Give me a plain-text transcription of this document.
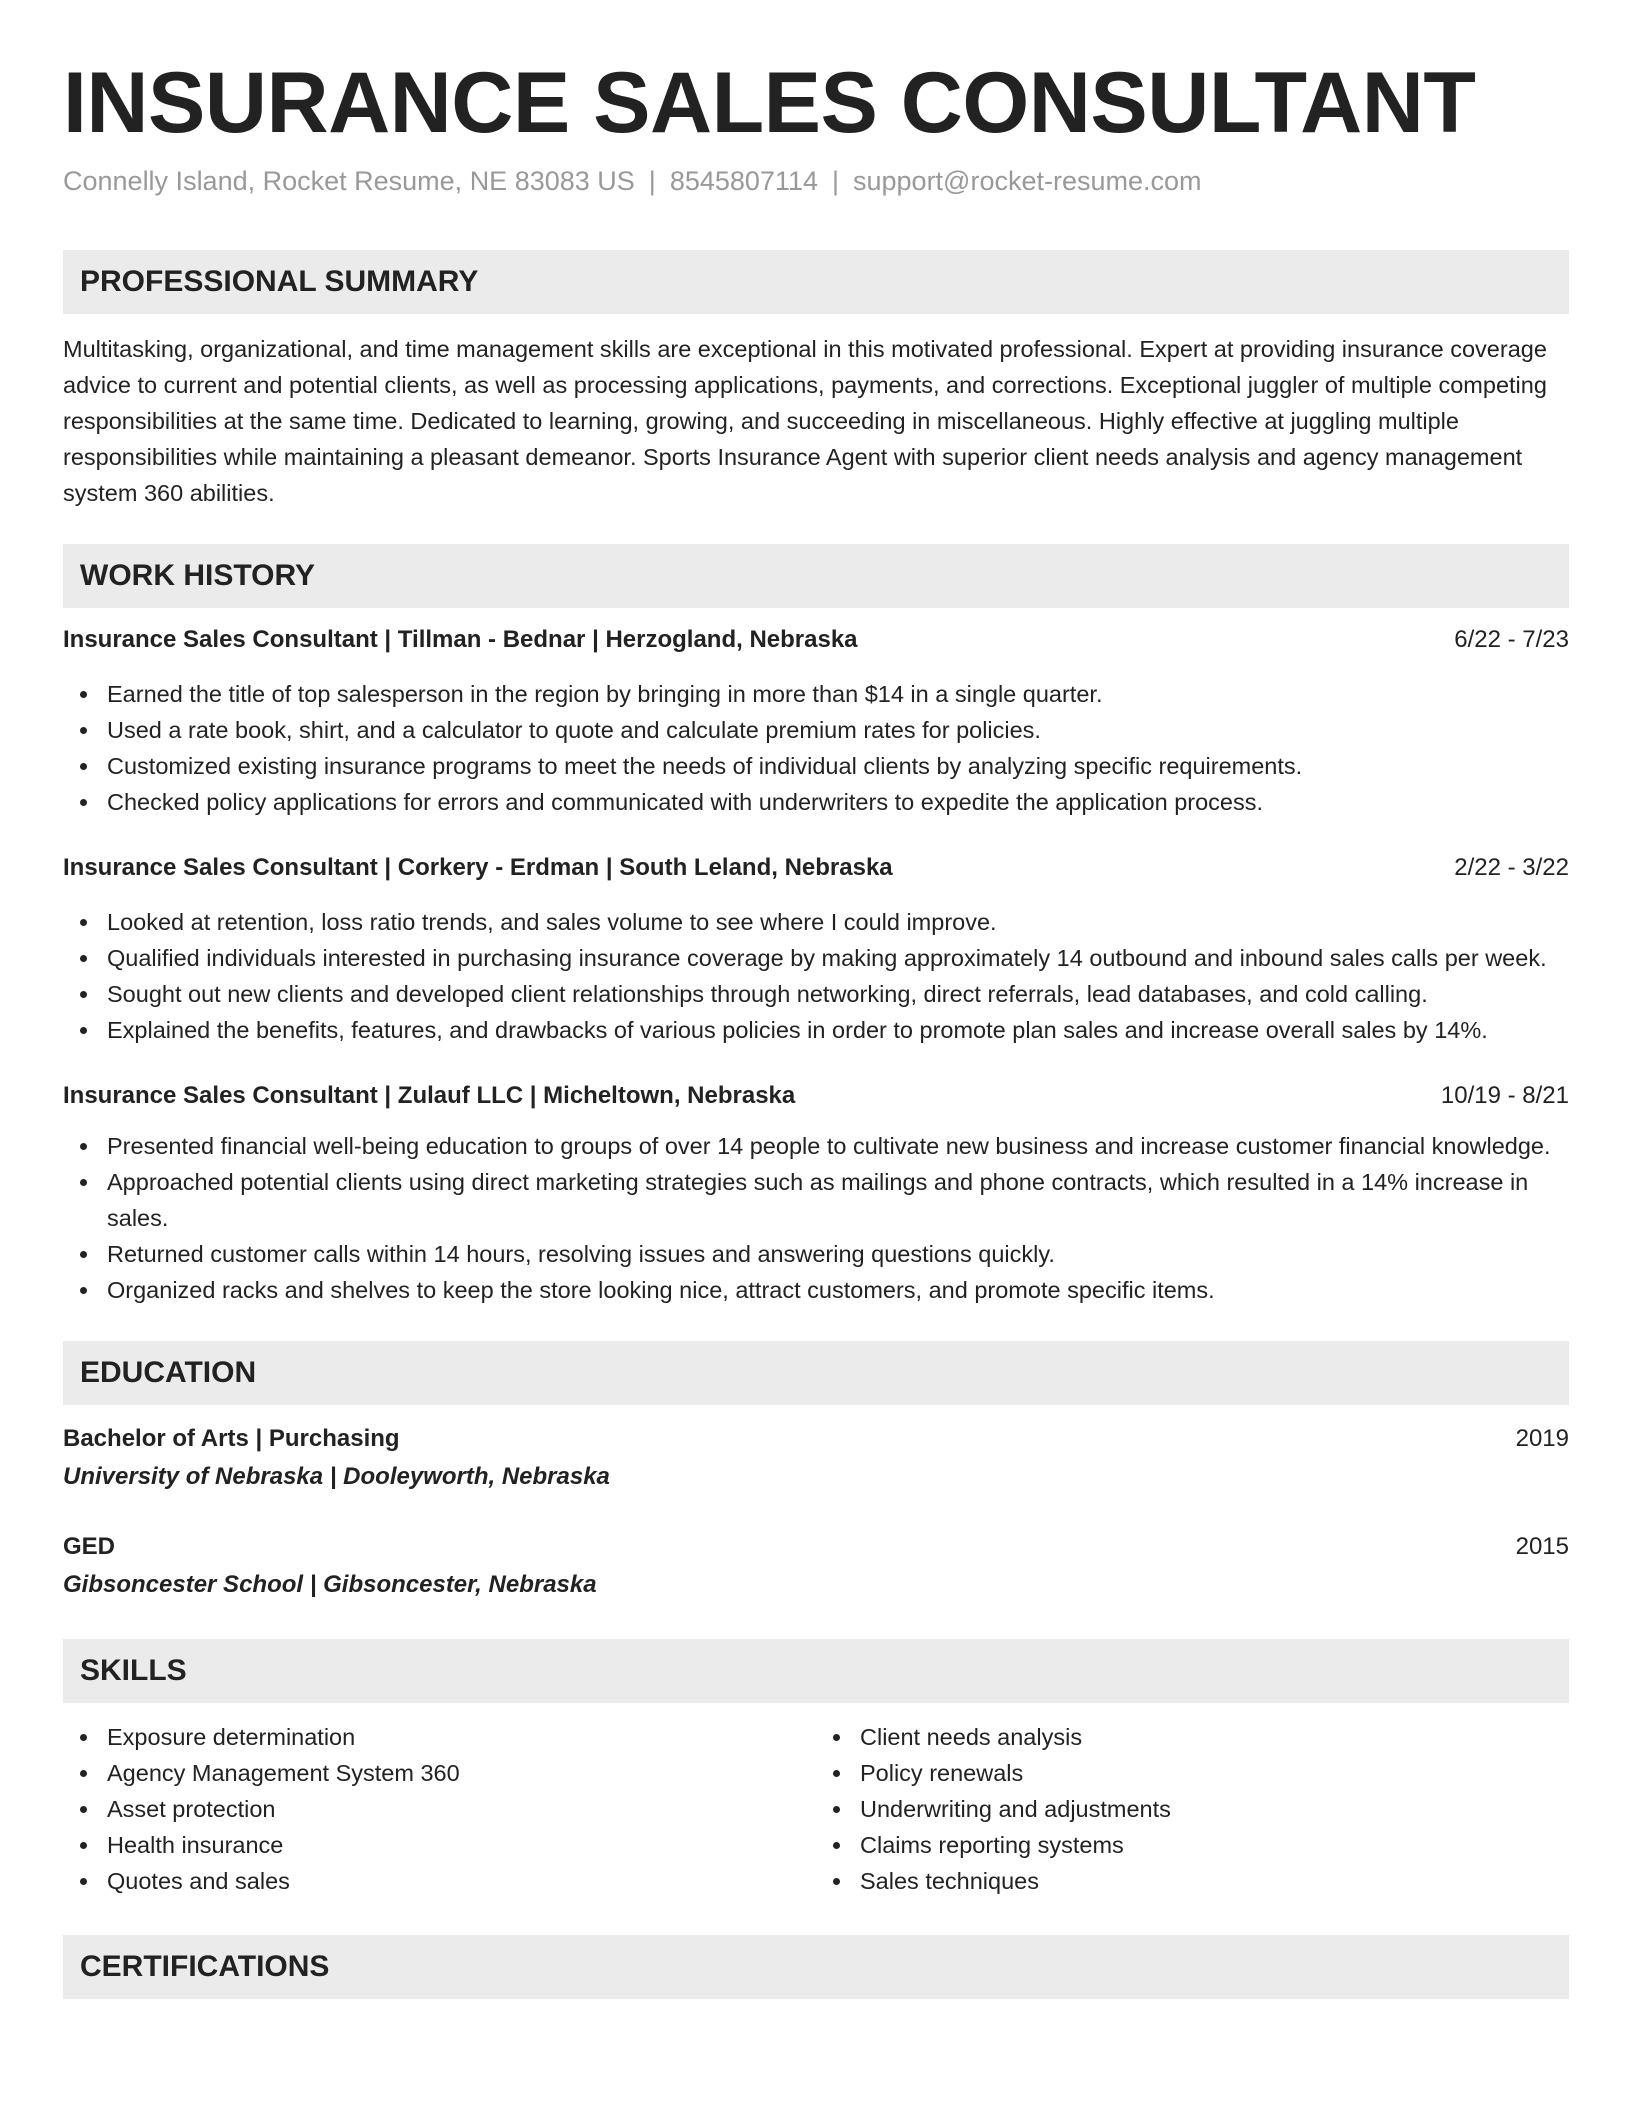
INSURANCE SALES CONSULTANT
Connelly Island, Rocket Resume, NE 83083 US | 8545807114 | support@rocket-resume.com
PROFESSIONAL SUMMARY

Multitasking, organizational, and time management skills are exceptional in this motivated professional. Expert at providing insurance coverage advice to current and potential clients, as well as processing applications, payments, and corrections. Exceptional juggler of multiple competing responsibilities at the same time. Dedicated to learning, growing, and succeeding in miscellaneous. Highly effective at juggling multiple responsibilities while maintaining a pleasant demeanor. Sports Insurance Agent with superior client needs analysis and agency management system 360 abilities.

WORK HISTORY
Insurance Sales Consultant | Tillman - Bednar | Herzogland, Nebraska	6/22 - 7/23
Earned the title of top salesperson in the region by bringing in more than $14 in a single quarter.
Used a rate book, shirt, and a calculator to quote and calculate premium rates for policies.
Customized existing insurance programs to meet the needs of individual clients by analyzing specific requirements.
Checked policy applications for errors and communicated with underwriters to expedite the application process.
Insurance Sales Consultant | Corkery - Erdman | South Leland, Nebraska	2/22 - 3/22
Looked at retention, loss ratio trends, and sales volume to see where I could improve.
Qualified individuals interested in purchasing insurance coverage by making approximately 14 outbound and inbound sales calls per week.
Sought out new clients and developed client relationships through networking, direct referrals, lead databases, and cold calling.
Explained the benefits, features, and drawbacks of various policies in order to promote plan sales and increase overall sales by 14%.
Insurance Sales Consultant | Zulauf LLC | Micheltown, Nebraska	10/19 - 8/21
Presented financial well-being education to groups of over 14 people to cultivate new business and increase customer financial knowledge.
Approached potential clients using direct marketing strategies such as mailings and phone contracts, which resulted in a 14% increase in sales.
Returned customer calls within 14 hours, resolving issues and answering questions quickly.
Organized racks and shelves to keep the store looking nice, attract customers, and promote specific items.
EDUCATION
Bachelor of Arts | Purchasing	2019
University of Nebraska | Dooleyworth, Nebraska
GED	2015
Gibsoncester School | Gibsoncester, Nebraska
SKILLS
Exposure determination
Agency Management System 360
Asset protection
Health insurance
Quotes and sales
Client needs analysis
Policy renewals
Underwriting and adjustments
Claims reporting systems
Sales techniques
CERTIFICATIONS
